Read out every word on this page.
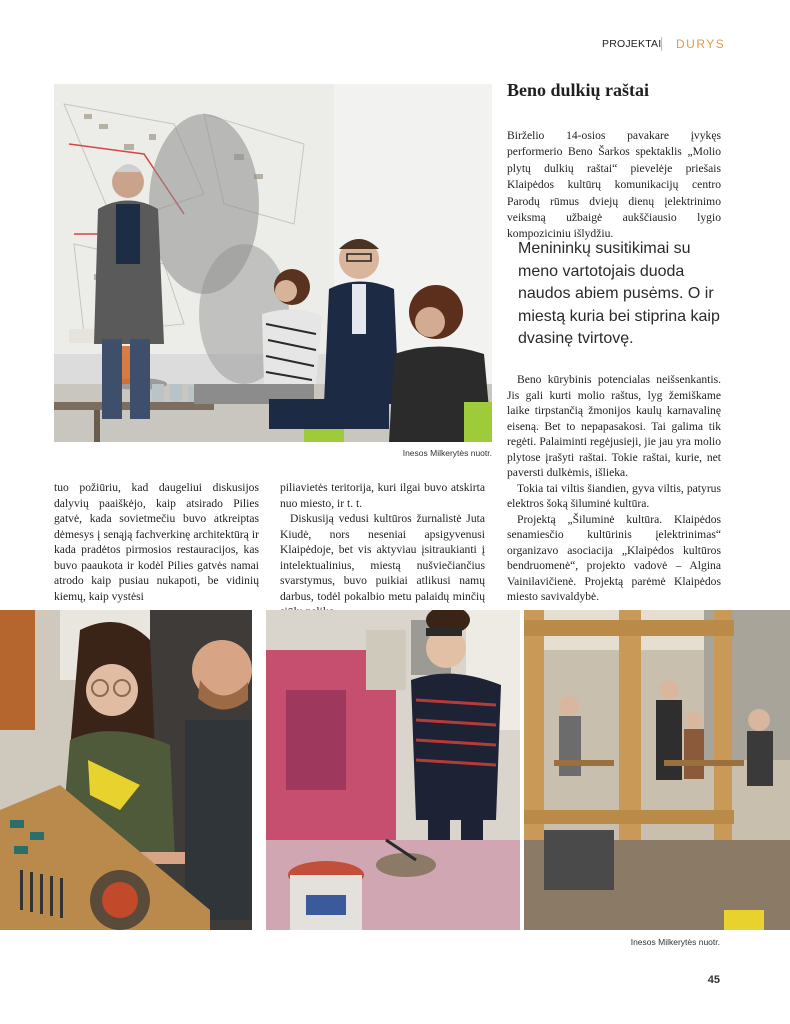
PROJEKTAI DURYS
Inesos Milkerytės nuotr.
Beno dulkių raštai
Birželio 14-osios pavakare įvykęs performerio Beno Šarkos spektaklis „Molio plytų dulkių raštai“ pievelėje priešais Klaipėdos kultūrų komunikacijų centro Parodų rūmus dviejų dienų įelektrinimo veiksmą užbaigė aukščiausio lygio kompoziciniu išlydžiu.
Menininkų susitikimai su meno vartotojais duoda naudos abiem pusėms. O ir miestą kuria bei stiprina kaip dvasinę tvirtovę.

Beno kūrybinis potencialas neišsenkantis. Jis gali kurti molio raštus, lyg žemiškame laike tirpstančią žmonijos kaulų karnavalinę eiseną. Bet to nepapasakosi. Tai galima tik regėti. Palaiminti regėjusieji, jie jau yra molio plytose įrašyti raštai. Tokie raštai, kurie, net paversti dulkėmis, išlieka.

Tokia tai viltis šiandien, gyva viltis, patyrus elektros šoką šiluminė kultūra.

Projektą „Šiluminė kultūra. Klaipėdos senamiesčio kultūrinis įelektrinimas“ organizavo asociacija „Klaipėdos kultūros bendruomenė“, projekto vadovė – Algina Vainilavičienė. Projektą parėmė Klaipėdos miesto savivaldybė.

tuo požiūriu, kad daugeliui diskusijos dalyvių paaiškėjo, kaip atsirado Pilies gatvė, kada sovietmečiu buvo atkreiptas dėmesys į senąją fachverkinę architektūrą ir kada pradėtos pirmosios restauracijos, kas buvo paaukota ir kodėl Pilies gatvės namai atrodo kaip pusiau nukapoti, be vidinių kiemų, kaip vystėsi

piliavietės teritorija, kuri ilgai buvo atskirta nuo miesto, ir t. t.

Diskusiją vedusi kultūros žurnalistė Juta Kiudė, nors neseniai apsigyvenusi Klaipėdoje, bet vis aktyviau įsitraukianti į intelektualinius, miestą nušviečiančius svarstymus, buvo puikiai atlikusi namų darbus, todėl pokalbio metu palaidų minčių

Inesos Milkerytės nuotr.
45
